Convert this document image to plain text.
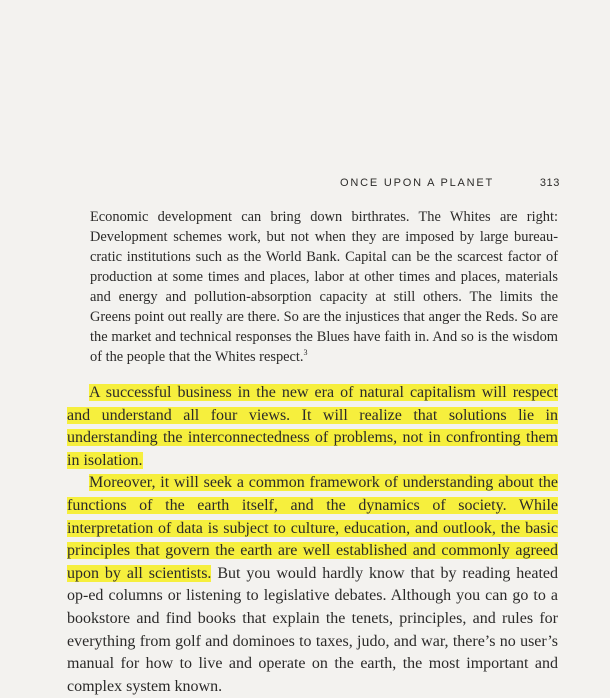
ONCE UPON A PLANET	313
Economic development can bring down birthrates. The Whites are right: Development schemes work, but not when they are imposed by large bureaucratic institutions such as the World Bank. Capital can be the scarcest factor of production at some times and places, labor at other times and places, materials and energy and pollution-absorption capacity at still others. The limits the Greens point out really are there. So are the injustices that anger the Reds. So are the market and technical responses the Blues have faith in. And so is the wisdom of the people that the Whites respect.$^3$

A successful business in the new era of natural capitalism will respect and understand all four views. It will realize that solutions lie in understanding the interconnectedness of problems, not in confronting them in isolation.

Moreover, it will seek a common framework of understanding about the functions of the earth itself, and the dynamics of society. While interpretation of data is subject to culture, education, and outlook, the basic principles that govern the earth are well established and commonly agreed upon by all scientists. But you would hardly know that by reading heated op-ed columns or listening to legislative debates. Although you can go to a bookstore and find books that explain the tenets, principles, and rules for everything from golf and dominoes to taxes, judo, and war, there’s no user’s manual for how to live and operate on the earth, the most important and complex system known.
